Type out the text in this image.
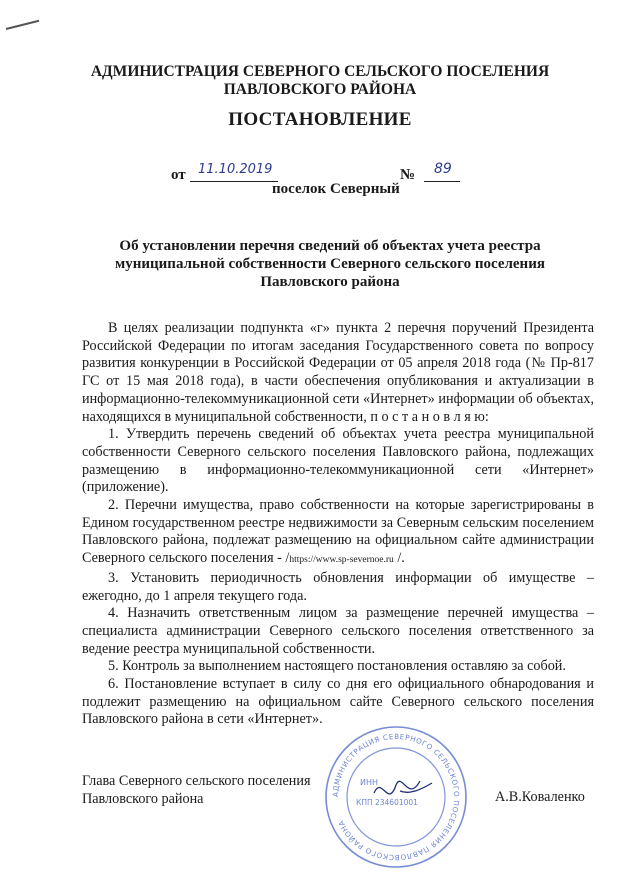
АДМИНИСТРАЦИЯ СЕВЕРНОГО СЕЛЬСКОГО ПОСЕЛЕНИЯ
ПАВЛОВСКОГО РАЙОНА
ПОСТАНОВЛЕНИЕ
от 11.10.2019	№ 89
поселок Северный
Об установлении перечня сведений об объектах учета реестра
муниципальной собственности Северного сельского поселения
Павловского района

В целях реализации подпункта «г» пункта 2 перечня поручений Президента Российской Федерации по итогам заседания Государственного совета по вопросу развития конкуренции в Российской Федерации от 05 апреля 2018 года (№ Пр-817 ГС от 15 мая 2018 года), в части обеспечения опубликования и актуализации в информационно-телекоммуникационной сети «Интернет» информации об объектах, находящихся в муниципальной собственности, п о с т а н о в л я ю:

1. Утвердить перечень сведений об объектах учета реестра муниципальной собственности Северного сельского поселения Павловского района, подлежащих размещению в информационно-телекоммуникационной сети «Интернет» (приложение).

2. Перечни имущества, право собственности на которые зарегистрированы в Едином государственном реестре недвижимости за Северным сельским поселением Павловского района, подлежат размещению на официальном сайте администрации Северного сельского поселения - /https://www.sp-severnoe.ru /.

3. Установить периодичность обновления информации об имуществе – ежегодно, до 1 апреля текущего года.

4. Назначить ответственным лицом за размещение перечней имущества – специалиста администрации Северного сельского поселения ответственного за ведение реестра муниципальной собственности.

5. Контроль за выполнением настоящего постановления оставляю за собой.

6. Постановление вступает в силу со дня его официального обнародования и подлежит размещению на официальном сайте Северного сельского поселения Павловского района в сети «Интернет».

Глава Северного сельского поселения
Павловского района	АДМИНИСТРАЦИЯ СЕВЕРНОГО СЕЛЬСКОГО ПОСЕЛЕНИЯ ПАВЛОВСКОГО РАЙОНА
ИНН
КПП 234601001	А.В.Коваленко
